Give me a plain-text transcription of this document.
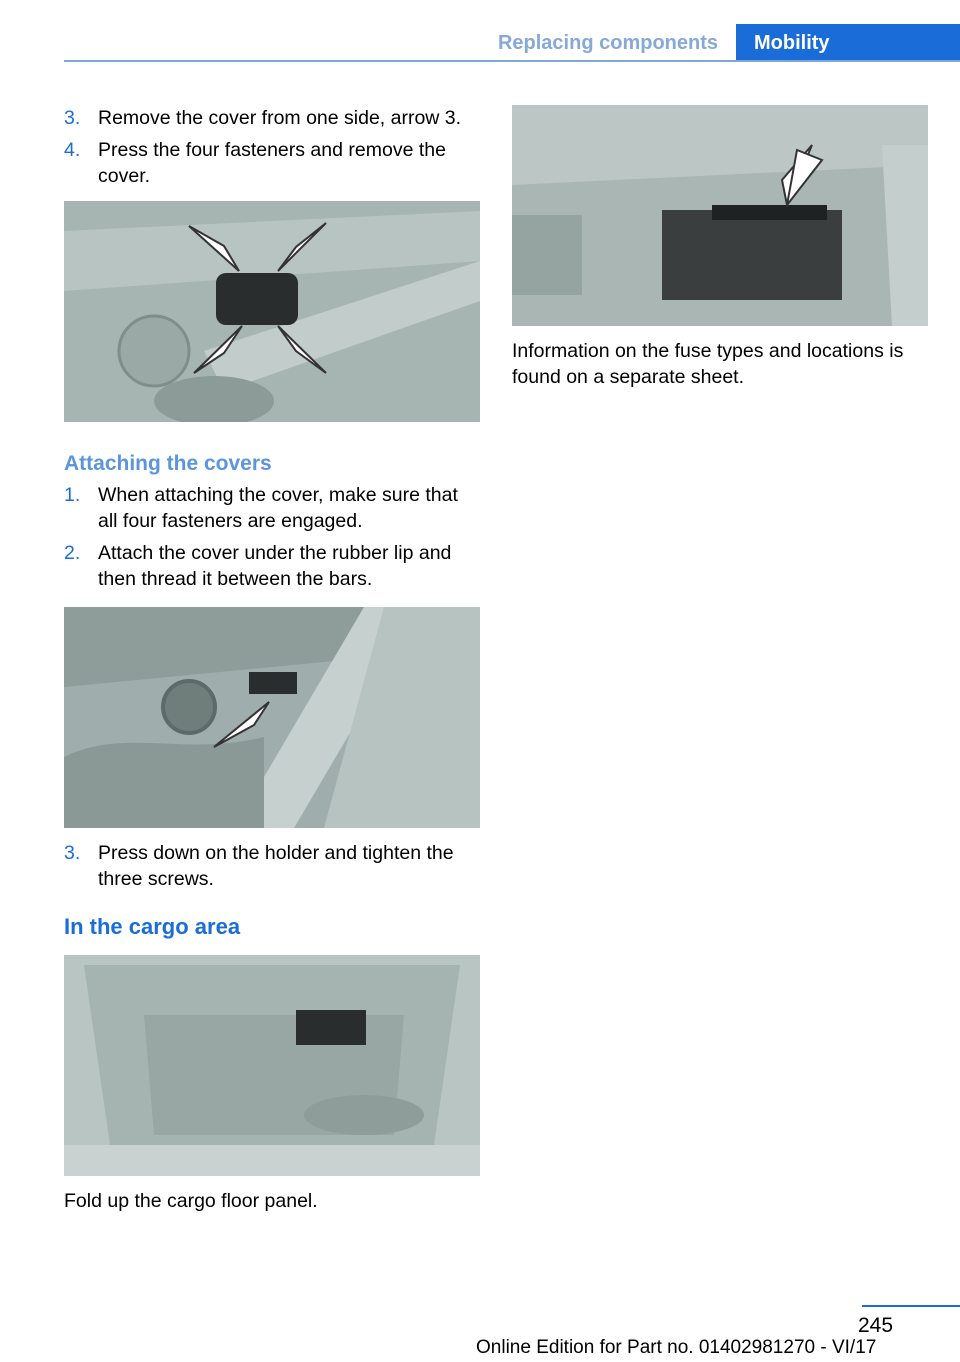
Replacing components	Mobility
3. Remove the cover from one side, arrow 3.
4. Press the four fasteners and remove the cover.
Attaching the covers
1. When attaching the cover, make sure that all four fasteners are engaged.
2. Attach the cover under the rubber lip and then thread it between the bars.
3. Press down on the holder and tighten the three screws.
In the cargo area
Fold up the cargo floor panel.
Information on the fuse types and locations is found on a separate sheet.
245
Online Edition for Part no. 01402981270 - VI/17
